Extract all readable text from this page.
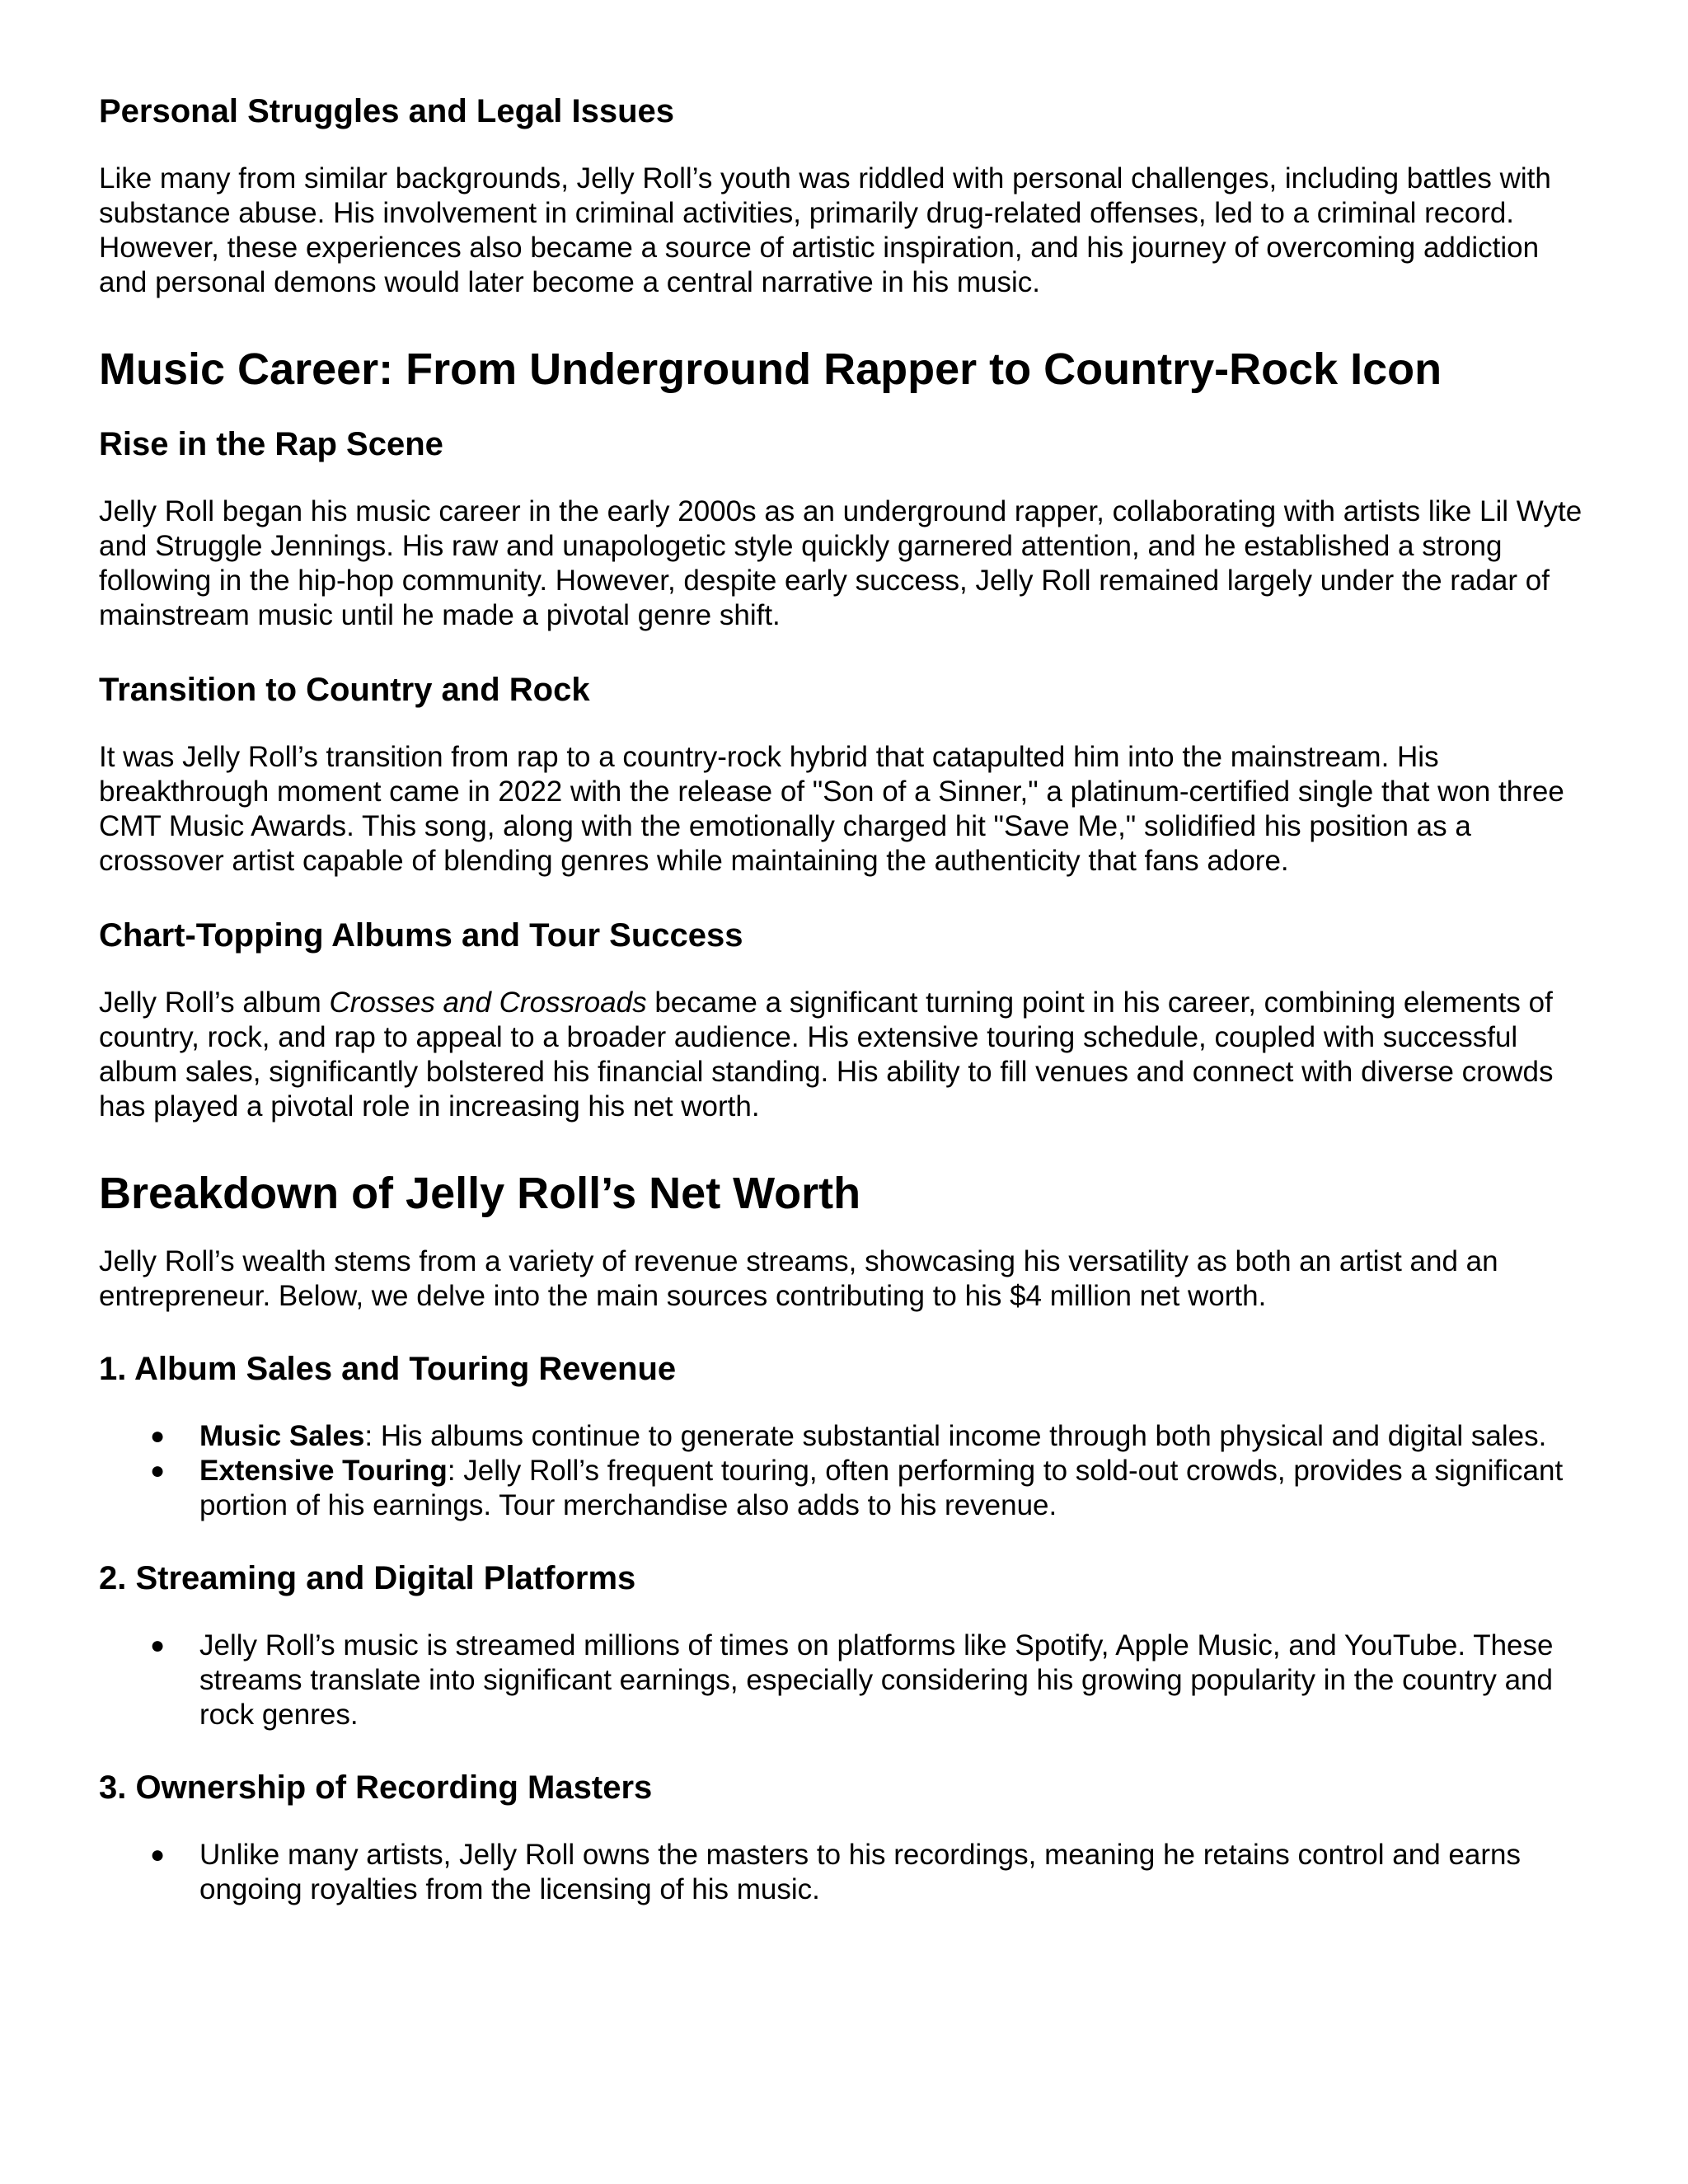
Personal Struggles and Legal Issues

Like many from similar backgrounds, Jelly Roll’s youth was riddled with personal challenges, including battles with substance abuse. His involvement in criminal activities, primarily drug-related offenses, led to a criminal record. However, these experiences also became a source of artistic inspiration, and his journey of overcoming addiction and personal demons would later become a central narrative in his music.

Music Career: From Underground Rapper to Country-Rock Icon
Rise in the Rap Scene

Jelly Roll began his music career in the early 2000s as an underground rapper, collaborating with artists like Lil Wyte and Struggle Jennings. His raw and unapologetic style quickly garnered attention, and he established a strong following in the hip-hop community. However, despite early success, Jelly Roll remained largely under the radar of mainstream music until he made a pivotal genre shift.

Transition to Country and Rock

It was Jelly Roll’s transition from rap to a country-rock hybrid that catapulted him into the mainstream. His breakthrough moment came in 2022 with the release of "Son of a Sinner," a platinum-certified single that won three CMT Music Awards. This song, along with the emotionally charged hit "Save Me," solidified his position as a crossover artist capable of blending genres while maintaining the authenticity that fans adore.

Chart-Topping Albums and Tour Success

Jelly Roll’s album Crosses and Crossroads became a significant turning point in his career, combining elements of country, rock, and rap to appeal to a broader audience. His extensive touring schedule, coupled with successful album sales, significantly bolstered his financial standing. His ability to fill venues and connect with diverse crowds has played a pivotal role in increasing his net worth.

Breakdown of Jelly Roll’s Net Worth

Jelly Roll’s wealth stems from a variety of revenue streams, showcasing his versatility as both an artist and an entrepreneur. Below, we delve into the main sources contributing to his $4 million net worth.

1. Album Sales and Touring Revenue
● Music Sales: His albums continue to generate substantial income through both physical and digital sales.
● Extensive Touring: Jelly Roll’s frequent touring, often performing to sold-out crowds, provides a significant portion of his earnings. Tour merchandise also adds to his revenue.
2. Streaming and Digital Platforms
● Jelly Roll’s music is streamed millions of times on platforms like Spotify, Apple Music, and YouTube. These streams translate into significant earnings, especially considering his growing popularity in the country and rock genres.
3. Ownership of Recording Masters
● Unlike many artists, Jelly Roll owns the masters to his recordings, meaning he retains control and earns ongoing royalties from the licensing of his music.
